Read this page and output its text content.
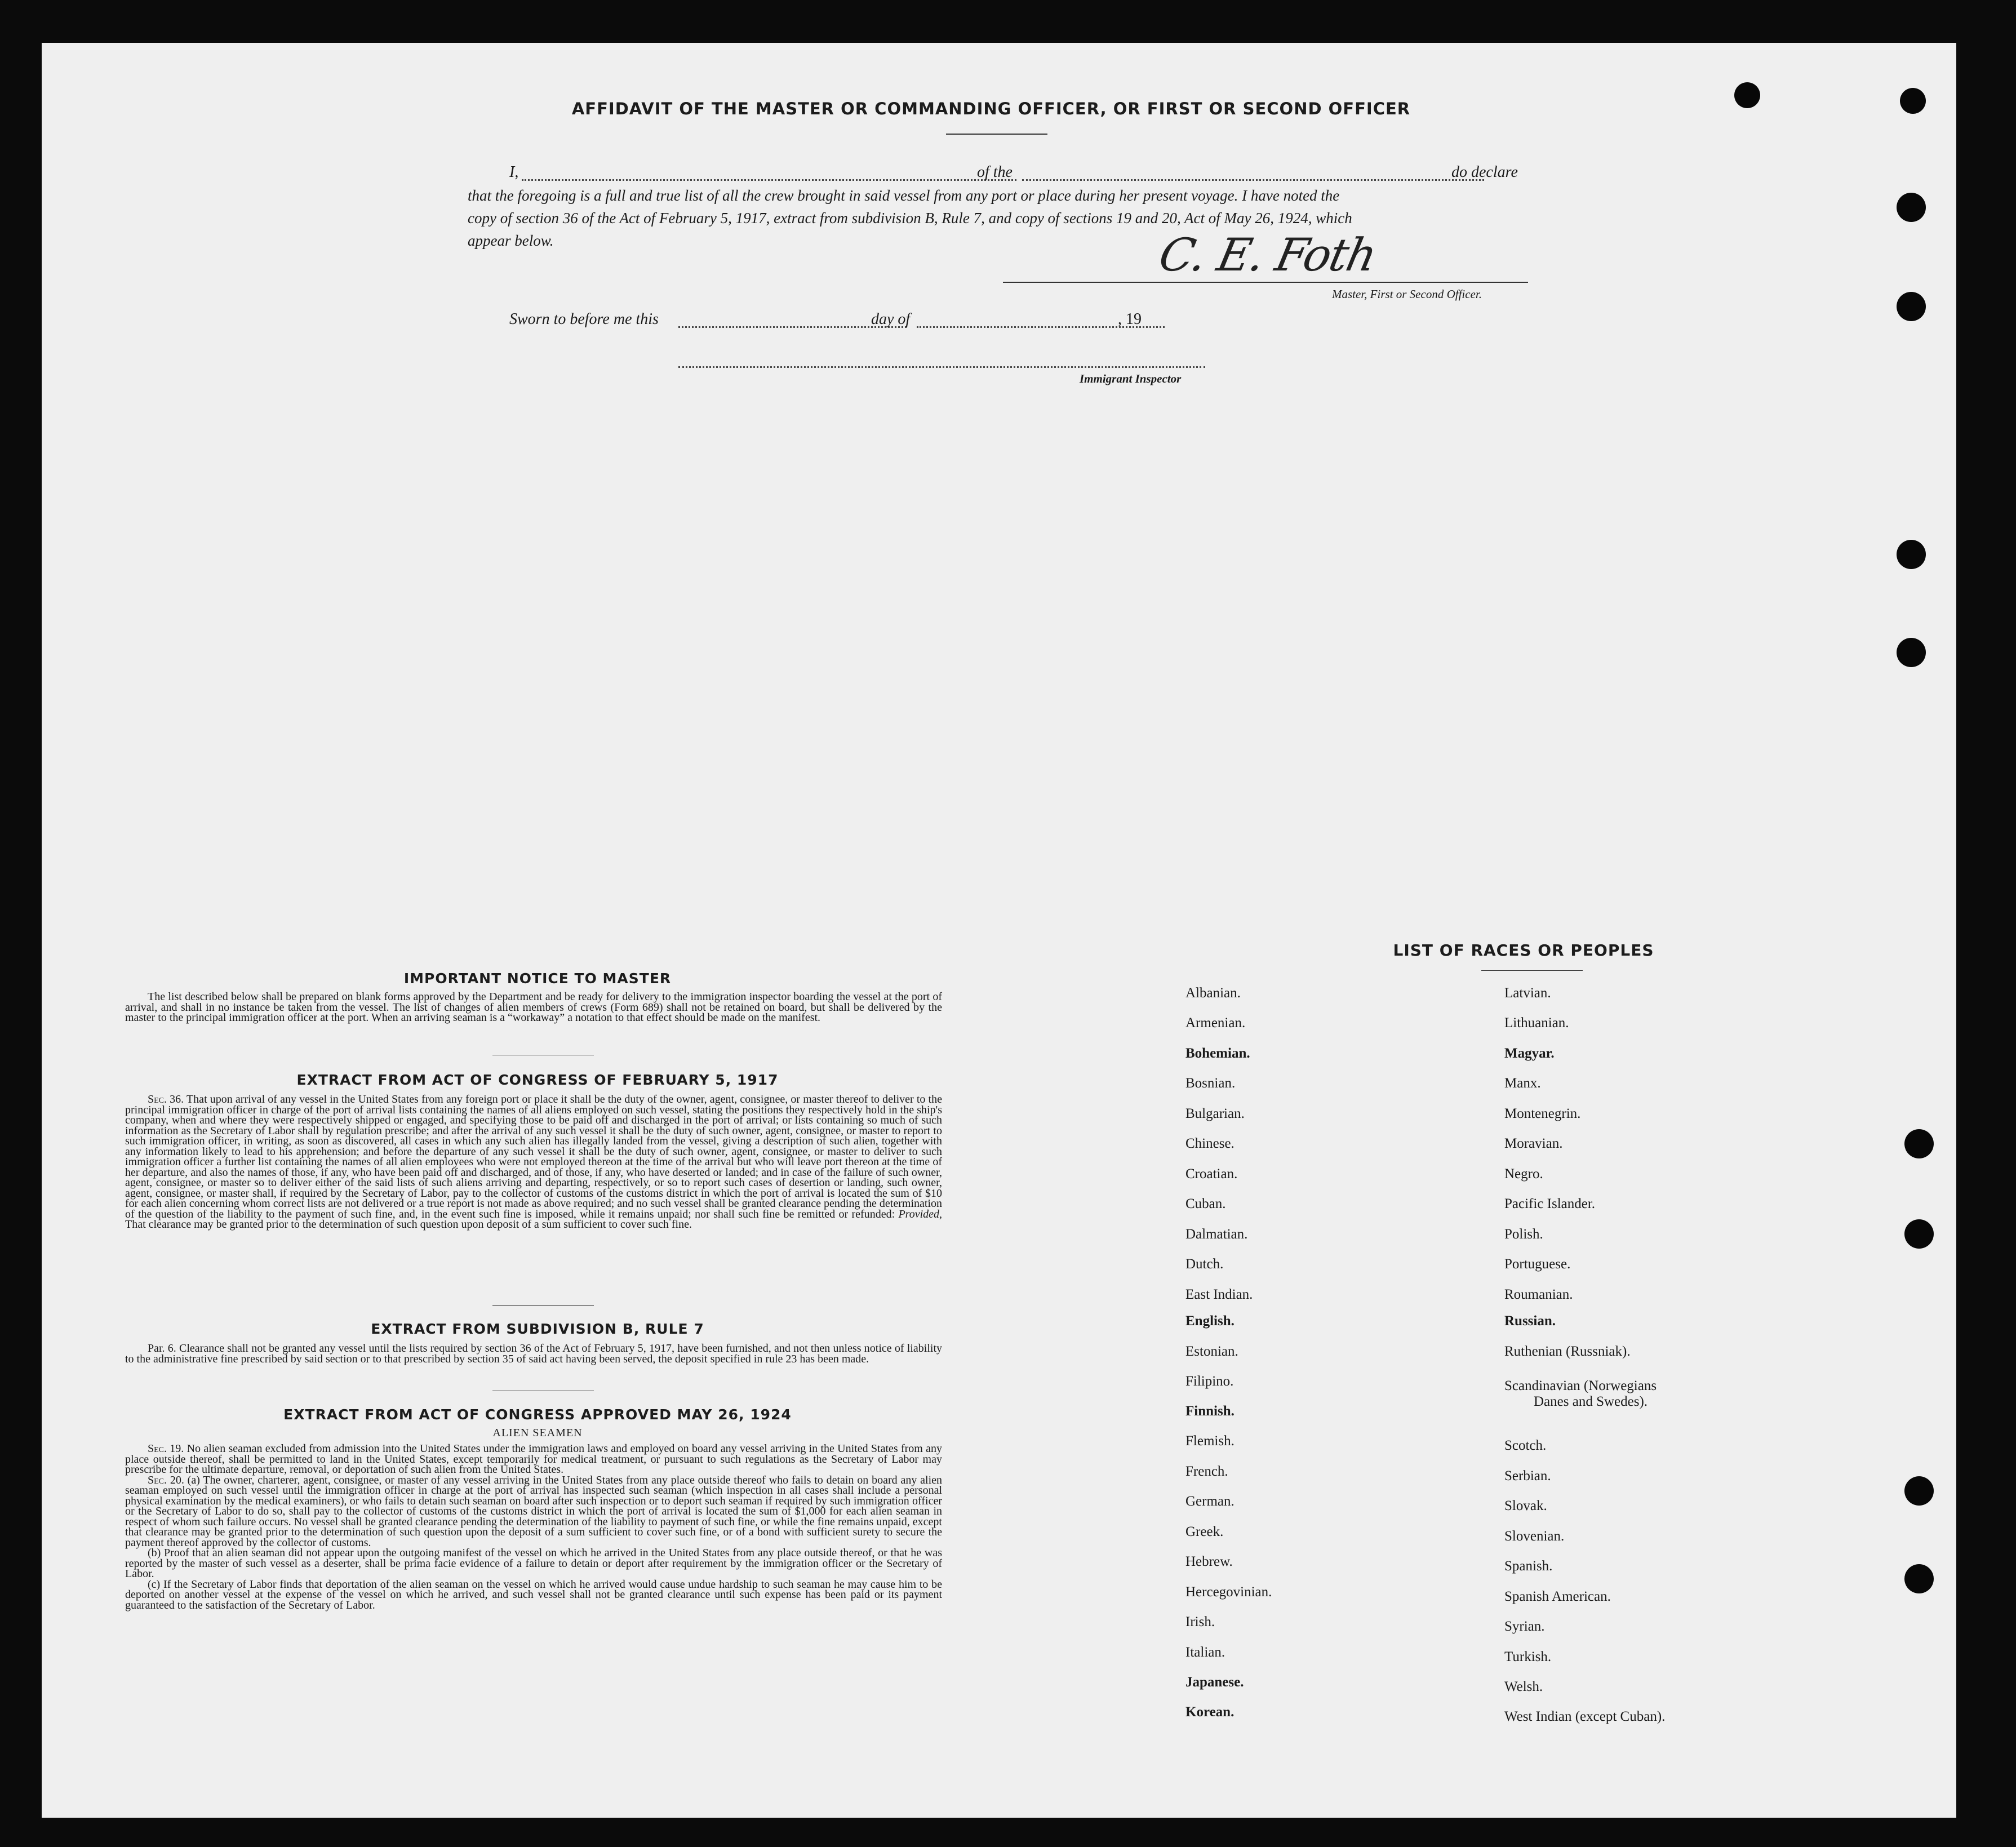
AFFIDAVIT OF THE MASTER OR COMMANDING OFFICER, OR FIRST OR SECOND OFFICER
I,	of the	do declare
that the foregoing is a full and true list of all the crew brought in said vessel from any port or place during her present voyage. I have noted the
copy of section 36 of the Act of February 5, 1917, extract from subdivision B, Rule 7, and copy of sections 19 and 20, Act of May 26, 1924, which
appear below.	C. E. Foth
Master, First or Second Officer.
Sworn to before me this	day of	, 19
Immigrant Inspector
IMPORTANT NOTICE TO MASTER
The list described below shall be prepared on blank forms approved by the Department and be ready for delivery to the immigration inspector boarding the vessel at the port of arrival, and shall in no instance be taken from the vessel. The list of changes of alien members of crews (Form 689) shall not be retained on board, but shall be delivered by the master to the principal immigration officer at the port. When an arriving seaman is a “workaway” a notation to that effect should be made on the manifest.
EXTRACT FROM ACT OF CONGRESS OF FEBRUARY 5, 1917
Sec. 36. That upon arrival of any vessel in the United States from any foreign port or place it shall be the duty of the owner, agent, consignee, or master thereof to deliver to the principal immigration officer in charge of the port of arrival lists containing the names of all aliens employed on such vessel, stating the positions they respectively hold in the ship's company, when and where they were respectively shipped or engaged, and specifying those to be paid off and discharged in the port of arrival; or lists containing so much of such information as the Secretary of Labor shall by regulation prescribe; and after the arrival of any such vessel it shall be the duty of such owner, agent, consignee, or master to report to such immigration officer, in writing, as soon as discovered, all cases in which any such alien has illegally landed from the vessel, giving a description of such alien, together with any information likely to lead to his apprehension; and before the departure of any such vessel it shall be the duty of such owner, agent, consignee, or master to deliver to such immigration officer a further list containing the names of all alien employees who were not employed thereon at the time of the arrival but who will leave port thereon at the time of her departure, and also the names of those, if any, who have been paid off and discharged, and of those, if any, who have deserted or landed; and in case of the failure of such owner, agent, consignee, or master so to deliver either of the said lists of such aliens arriving and departing, respectively, or so to report such cases of desertion or landing, such owner, agent, consignee, or master shall, if required by the Secretary of Labor, pay to the collector of customs of the customs district in which the port of arrival is located the sum of $10 for each alien concerning whom correct lists are not delivered or a true report is not made as above required; and no such vessel shall be granted clearance pending the determination of the question of the liability to the payment of such fine, and, in the event such fine is imposed, while it remains unpaid; nor shall such fine be remitted or refunded: Provided, That clearance may be granted prior to the determination of such question upon deposit of a sum sufficient to cover such fine.
EXTRACT FROM SUBDIVISION B, RULE 7
Par. 6. Clearance shall not be granted any vessel until the lists required by section 36 of the Act of February 5, 1917, have been furnished, and not then unless notice of liability to the administrative fine prescribed by said section or to that prescribed by section 35 of said act having been served, the deposit specified in rule 23 has been made.
EXTRACT FROM ACT OF CONGRESS APPROVED MAY 26, 1924
ALIEN SEAMEN
Sec. 19. No alien seaman excluded from admission into the United States under the immigration laws and employed on board any vessel arriving in the United States from any place outside thereof, shall be permitted to land in the United States, except temporarily for medical treatment, or pursuant to such regulations as the Secretary of Labor may prescribe for the ultimate departure, removal, or deportation of such alien from the United States.
Sec. 20. (a) The owner, charterer, agent, consignee, or master of any vessel arriving in the United States from any place outside thereof who fails to detain on board any alien seaman employed on such vessel until the immigration officer in charge at the port of arrival has inspected such seaman (which inspection in all cases shall include a personal physical examination by the medical examiners), or who fails to detain such seaman on board after such inspection or to deport such seaman if required by such immigration officer or the Secretary of Labor to do so, shall pay to the collector of customs of the customs district in which the port of arrival is located the sum of $1,000 for each alien seaman in respect of whom such failure occurs. No vessel shall be granted clearance pending the determination of the liability to payment of such fine, or while the fine remains unpaid, except that clearance may be granted prior to the determination of such question upon the deposit of a sum sufficient to cover such fine, or of a bond with sufficient surety to secure the payment thereof approved by the collector of customs.
(b) Proof that an alien seaman did not appear upon the outgoing manifest of the vessel on which he arrived in the United States from any place outside thereof, or that he was reported by the master of such vessel as a deserter, shall be prima facie evidence of a failure to detain or deport after requirement by the immigration officer or the Secretary of Labor.
(c) If the Secretary of Labor finds that deportation of the alien seaman on the vessel on which he arrived would cause undue hardship to such seaman he may cause him to be deported on another vessel at the expense of the vessel on which he arrived, and such vessel shall not be granted clearance until such expense has been paid or its payment guaranteed to the satisfaction of the Secretary of Labor.
LIST OF RACES OR PEOPLES
Albanian.
Armenian.
Bohemian.
Bosnian.
Bulgarian.
Chinese.
Croatian.
Cuban.
Dalmatian.
Dutch.
East Indian.
English.
Estonian.
Filipino.
Finnish.
Flemish.
French.
German.
Greek.
Hebrew.
Hercegovinian.
Irish.
Italian.
Japanese.
Korean.
Latvian.
Lithuanian.
Magyar.
Manx.
Montenegrin.
Moravian.
Negro.
Pacific Islander.
Polish.
Portuguese.
Roumanian.
Russian.
Ruthenian (Russniak).
Scandinavian (Norwegians
Danes and Swedes).
Scotch.
Serbian.
Slovak.
Slovenian.
Spanish.
Spanish American.
Syrian.
Turkish.
Welsh.
West Indian (except Cuban).
